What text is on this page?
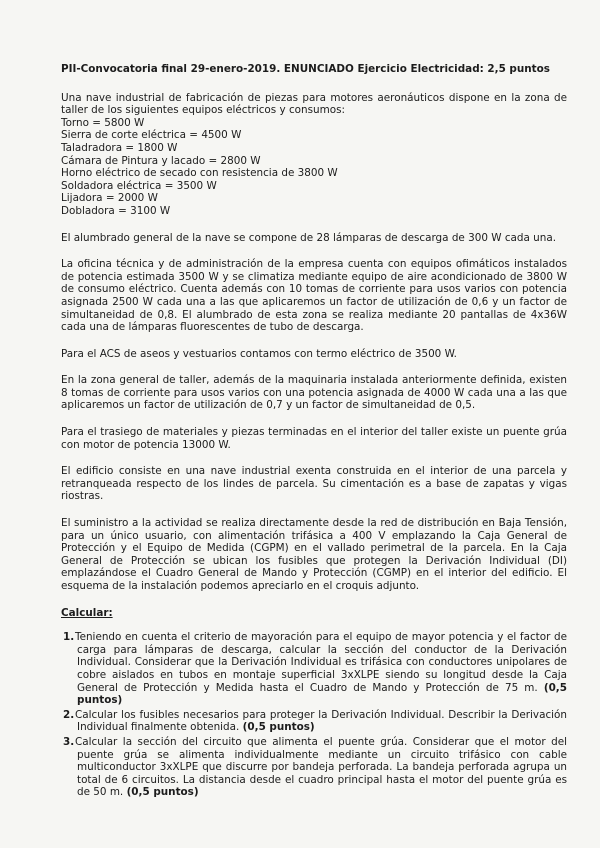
PII-Convocatoria final 29-enero-2019. ENUNCIADO Ejercicio Electricidad: 2,5 puntos

Una nave industrial de fabricación de piezas para motores aeronáuticos dispone en la zona de taller de los siguientes equipos eléctricos y consumos:

Torno = 5800 W
Sierra de corte eléctrica = 4500 W
Taladradora = 1800 W
Cámara de Pintura y lacado = 2800 W
Horno eléctrico de secado con resistencia de 3800 W
Soldadora eléctrica = 3500 W
Lijadora = 2000 W
Dobladora = 3100 W

El alumbrado general de la nave se compone de 28 lámparas de descarga de 300 W cada una.

La oficina técnica y de administración de la empresa cuenta con equipos ofimáticos instalados de potencia estimada 3500 W y se climatiza mediante equipo de aire acondicionado de 3800 W de consumo eléctrico. Cuenta además con 10 tomas de corriente para usos varios con potencia asignada 2500 W cada una a las que aplicaremos un factor de utilización de 0,6 y un factor de simultaneidad de 0,8. El alumbrado de esta zona se realiza mediante 20 pantallas de 4x36W cada una de lámparas fluorescentes de tubo de descarga.

Para el ACS de aseos y vestuarios contamos con termo eléctrico de 3500 W.

En la zona general de taller, además de la maquinaria instalada anteriormente definida, existen 8 tomas de corriente para usos varios con una potencia asignada de 4000 W cada una a las que aplicaremos un factor de utilización de 0,7 y un factor de simultaneidad de 0,5.

Para el trasiego de materiales y piezas terminadas en el interior del taller existe un puente grúa con motor de potencia 13000 W.

El edificio consiste en una nave industrial exenta construida en el interior de una parcela y retranqueada respecto de los lindes de parcela. Su cimentación es a base de zapatas y vigas riostras.

El suministro a la actividad se realiza directamente desde la red de distribución en Baja Tensión, para un único usuario, con alimentación trifásica a 400 V emplazando la Caja General de Protección y el Equipo de Medida (CGPM) en el vallado perimetral de la parcela. En la Caja General de Protección se ubican los fusibles que protegen la Derivación Individual (DI) emplazándose el Cuadro General de Mando y Protección (CGMP) en el interior del edificio. El esquema de la instalación podemos apreciarlo en el croquis adjunto.

Calcular:

1.Teniendo en cuenta el criterio de mayoración para el equipo de mayor potencia y el factor de carga para lámparas de descarga, calcular la sección del conductor de la Derivación Individual. Considerar que la Derivación Individual es trifásica con conductores unipolares de cobre aislados en tubos en montaje superficial 3xXLPE siendo su longitud desde la Caja General de Protección y Medida hasta el Cuadro de Mando y Protección de 75 m. (0,5 puntos)
2.Calcular los fusibles necesarios para proteger la Derivación Individual. Describir la Derivación Individual finalmente obtenida. (0,5 puntos)
3.Calcular la sección del circuito que alimenta el puente grúa. Considerar que el motor del puente grúa se alimenta individualmente mediante un circuito trifásico con cable multiconductor 3xXLPE que discurre por bandeja perforada. La bandeja perforada agrupa un total de 6 circuitos. La distancia desde el cuadro principal hasta el motor del puente grúa es de 50 m. (0,5 puntos)
